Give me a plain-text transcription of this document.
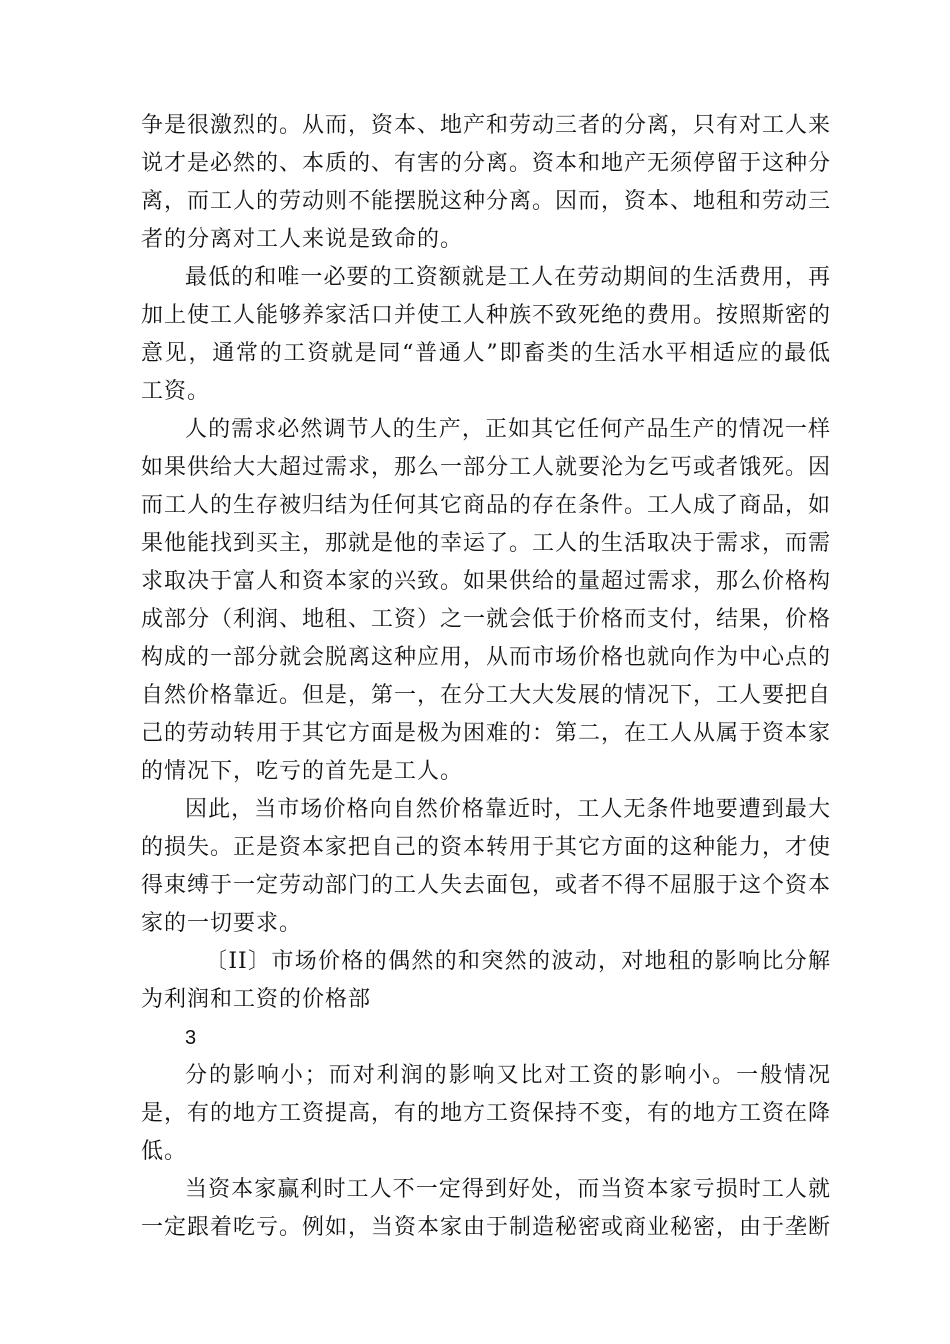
争是很激烈的。从而，资本、地产和劳动三者的分离，只有对工人来说才是必然的、本质的、有害的分离。资本和地产无须停留于这种分离，而工人的劳动则不能摆脱这种分离。因而，资本、地租和劳动三者的分离对工人来说是致命的。

最低的和唯一必要的工资额就是工人在劳动期间的生活费用，再加上使工人能够养家活口并使工人种族不致死绝的费用。按照斯密的意见，通常的工资就是同“普通人”即畜类的生活水平相适应的最低工资。

人的需求必然调节人的生产，正如其它任何产品生产的情况一样如果供给大大超过需求，那么一部分工人就要沦为乞丐或者饿死。因而工人的生存被归结为任何其它商品的存在条件。工人成了商品，如果他能找到买主，那就是他的幸运了。工人的生活取决于需求，而需求取决于富人和资本家的兴致。如果供给的量超过需求，那么价格构成部分（利润、地租、工资）之一就会低于价格而支付，结果，价格构成的一部分就会脱离这种应用，从而市场价格也就向作为中心点的自然价格靠近。但是，第一，在分工大大发展的情况下，工人要把自己的劳动转用于其它方面是极为困难的：第二，在工人从属于资本家的情况下，吃亏的首先是工人。

因此，当市场价格向自然价格靠近时，工人无条件地要遭到最大的损失。正是资本家把自己的资本转用于其它方面的这种能力，才使得束缚于一定劳动部门的工人失去面包，或者不得不屈服于这个资本家的一切要求。

〔II〕市场价格的偶然的和突然的波动，对地租的影响比分解为利润和工资的价格部

3

分的影响小；而对利润的影响又比对工资的影响小。一般情况是，有的地方工资提高，有的地方工资保持不变，有的地方工资在降低。

当资本家赢利时工人不一定得到好处，而当资本家亏损时工人就一定跟着吃亏。例如，当资本家由于制造秘密或商业秘密，由于垄断
